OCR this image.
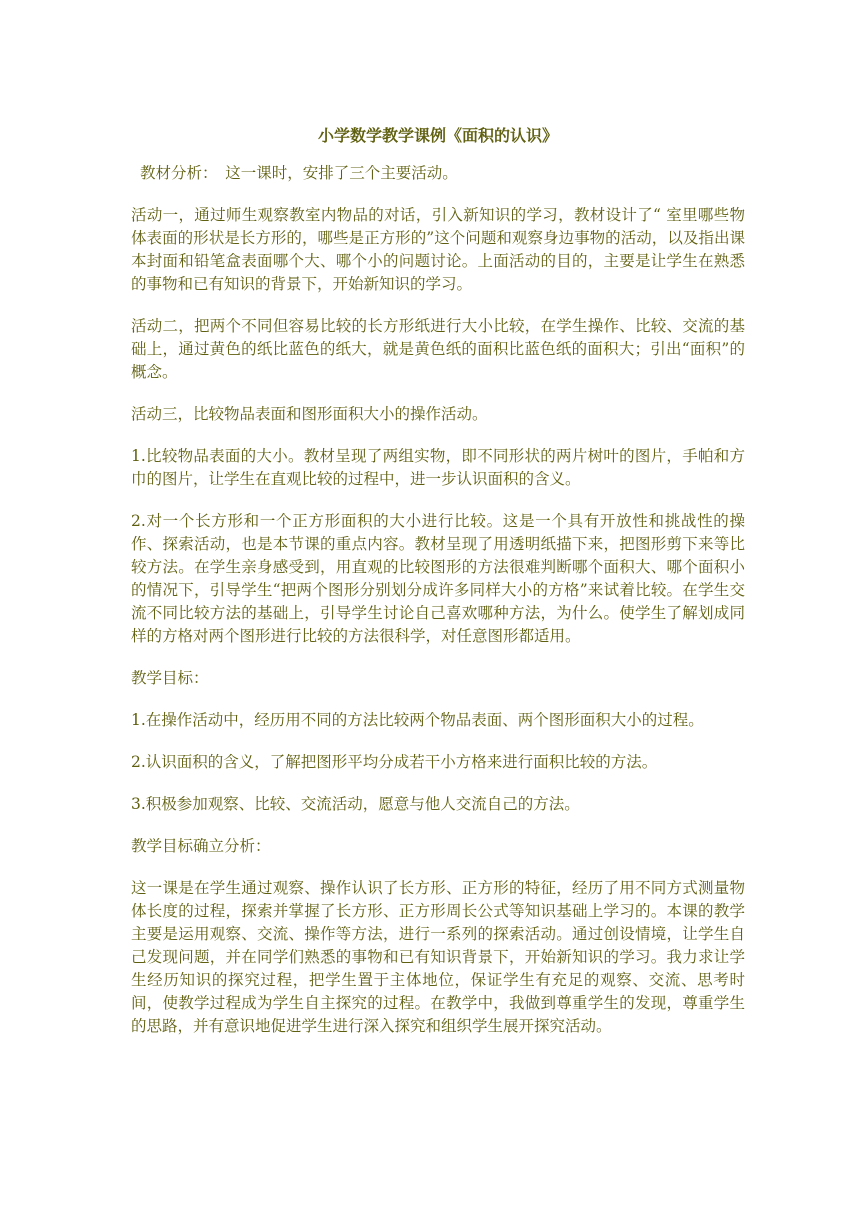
小学数学教学课例《面积的认识》

教材分析：　这一课时，安排了三个主要活动。

活动一，通过师生观察教室内物品的对话，引入新知识的学习，教材设计了“ 室里哪些物体表面的形状是长方形的，哪些是正方形的”这个问题和观察身边事物的活动，以及指出课本封面和铅笔盒表面哪个大、哪个小的问题讨论。上面活动的目的，主要是让学生在熟悉的事物和已有知识的背景下，开始新知识的学习。

活动二，把两个不同但容易比较的长方形纸进行大小比较，在学生操作、比较、交流的基础上，通过黄色的纸比蓝色的纸大，就是黄色纸的面积比蓝色纸的面积大；引出“面积”的概念。

活动三，比较物品表面和图形面积大小的操作活动。

1.比较物品表面的大小。教材呈现了两组实物，即不同形状的两片树叶的图片，手帕和方巾的图片，让学生在直观比较的过程中，进一步认识面积的含义。

2.对一个长方形和一个正方形面积的大小进行比较。这是一个具有开放性和挑战性的操作、探索活动，也是本节课的重点内容。教材呈现了用透明纸描下来，把图形剪下来等比较方法。在学生亲身感受到，用直观的比较图形的方法很难判断哪个面积大、哪个面积小的情况下，引导学生“把两个图形分别划分成许多同样大小的方格”来试着比较。在学生交流不同比较方法的基础上，引导学生讨论自己喜欢哪种方法，为什么。使学生了解划成同样的方格对两个图形进行比较的方法很科学，对任意图形都适用。

教学目标：

1.在操作活动中，经历用不同的方法比较两个物品表面、两个图形面积大小的过程。

2.认识面积的含义，了解把图形平均分成若干小方格来进行面积比较的方法。

3.积极参加观察、比较、交流活动，愿意与他人交流自己的方法。

教学目标确立分析：

这一课是在学生通过观察、操作认识了长方形、正方形的特征，经历了用不同方式测量物体长度的过程，探索并掌握了长方形、正方形周长公式等知识基础上学习的。本课的教学主要是运用观察、交流、操作等方法，进行一系列的探索活动。通过创设情境，让学生自己发现问题，并在同学们熟悉的事物和已有知识背景下，开始新知识的学习。我力求让学生经历知识的探究过程，把学生置于主体地位，保证学生有充足的观察、交流、思考时间，使教学过程成为学生自主探究的过程。在教学中，我做到尊重学生的发现，尊重学生的思路，并有意识地促进学生进行深入探究和组织学生展开探究活动。
